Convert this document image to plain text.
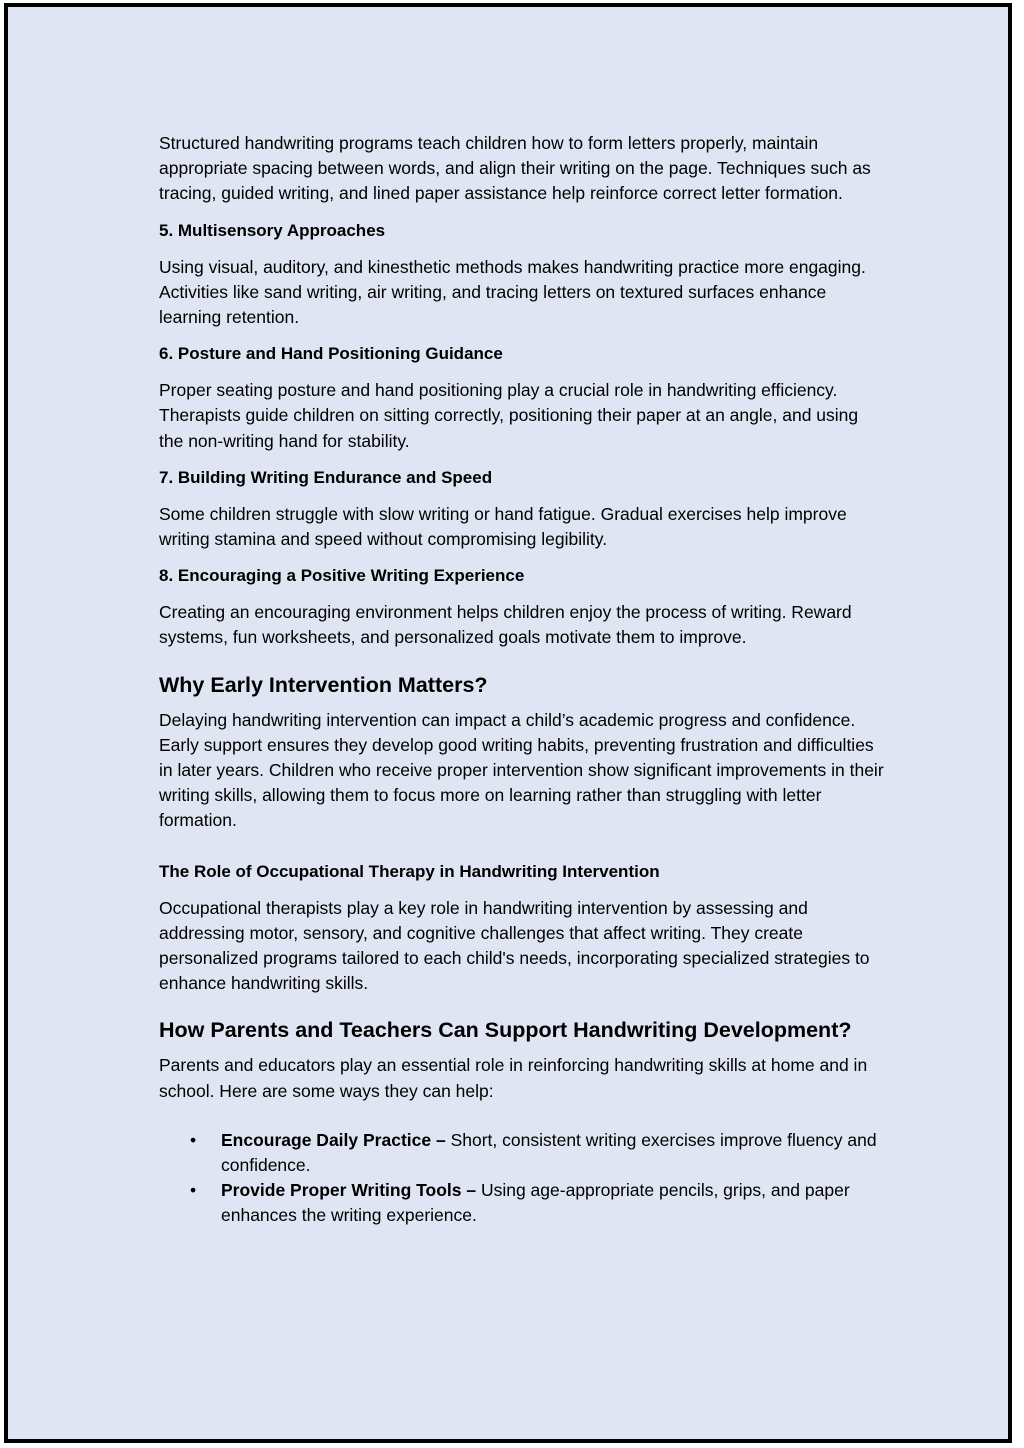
Structured handwriting programs teach children how to form letters properly, maintain appropriate spacing between words, and align their writing on the page. Techniques such as tracing, guided writing, and lined paper assistance help reinforce correct letter formation.

5. Multisensory Approaches

Using visual, auditory, and kinesthetic methods makes handwriting practice more engaging. Activities like sand writing, air writing, and tracing letters on textured surfaces enhance learning retention.

6. Posture and Hand Positioning Guidance

Proper seating posture and hand positioning play a crucial role in handwriting efficiency. Therapists guide children on sitting correctly, positioning their paper at an angle, and using the non-writing hand for stability.

7. Building Writing Endurance and Speed

Some children struggle with slow writing or hand fatigue. Gradual exercises help improve writing stamina and speed without compromising legibility.

8. Encouraging a Positive Writing Experience

Creating an encouraging environment helps children enjoy the process of writing. Reward systems, fun worksheets, and personalized goals motivate them to improve.

Why Early Intervention Matters?

Delaying handwriting intervention can impact a child’s academic progress and confidence. Early support ensures they develop good writing habits, preventing frustration and difficulties in later years. Children who receive proper intervention show significant improvements in their writing skills, allowing them to focus more on learning rather than struggling with letter formation.

The Role of Occupational Therapy in Handwriting Intervention

Occupational therapists play a key role in handwriting intervention by assessing and addressing motor, sensory, and cognitive challenges that affect writing. They create personalized programs tailored to each child's needs, incorporating specialized strategies to enhance handwriting skills.

How Parents and Teachers Can Support Handwriting Development?

Parents and educators play an essential role in reinforcing handwriting skills at home and in school. Here are some ways they can help:

• Encourage Daily Practice – Short, consistent writing exercises improve fluency and confidence.
• Provide Proper Writing Tools – Using age-appropriate pencils, grips, and paper enhances the writing experience.
